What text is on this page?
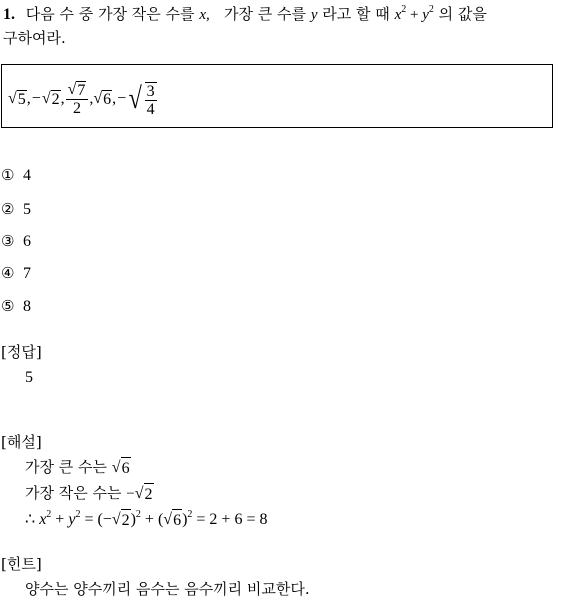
1. 다음 수 중 가장 작은 수를 x, 가장 큰 수를 y 라고 할 때 $x^2 + y^2$ 의 값을
구하여라.
√ 5 , − √ 2 , $\frac{√ 7}{2}$ , √ 6 , − √ $\frac{3}{4}$
① 4
② 5
③ 6
④ 7
⑤ 8
[정답]
5
[해설]
가장 큰 수는 √ 6
가장 작은 수는 −√ 2
∴ $x^2 + y^2$ = (−√ 2 )$^2$ + (√ 6 )$^2$ = 2 + 6 = 8
[힌트]
양수는 양수끼리 음수는 음수끼리 비교한다.
